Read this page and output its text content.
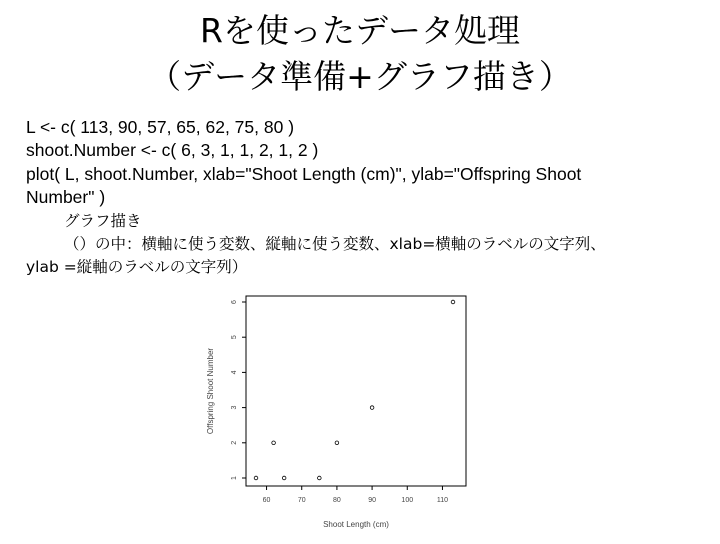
Rを使ったデータ処理
（データ準備+グラフ描き）
L <- c( 113, 90, 57, 65, 62, 75, 80 )
shoot.Number <- c( 6, 3, 1, 1, 2, 1, 2 )
plot( L, shoot.Number, xlab="Shoot Length (cm)", ylab="Offspring Shoot
Number" )
グラフ描き
（）の中：横軸に使う変数、縦軸に使う変数、xlab=横軸のラベルの文字列、
ylab =縦軸のラベルの文字列）
60	70	80	90	100	110
1
2
3
4
5
6
Shoot Length (cm)
Offspring Shoot Number
